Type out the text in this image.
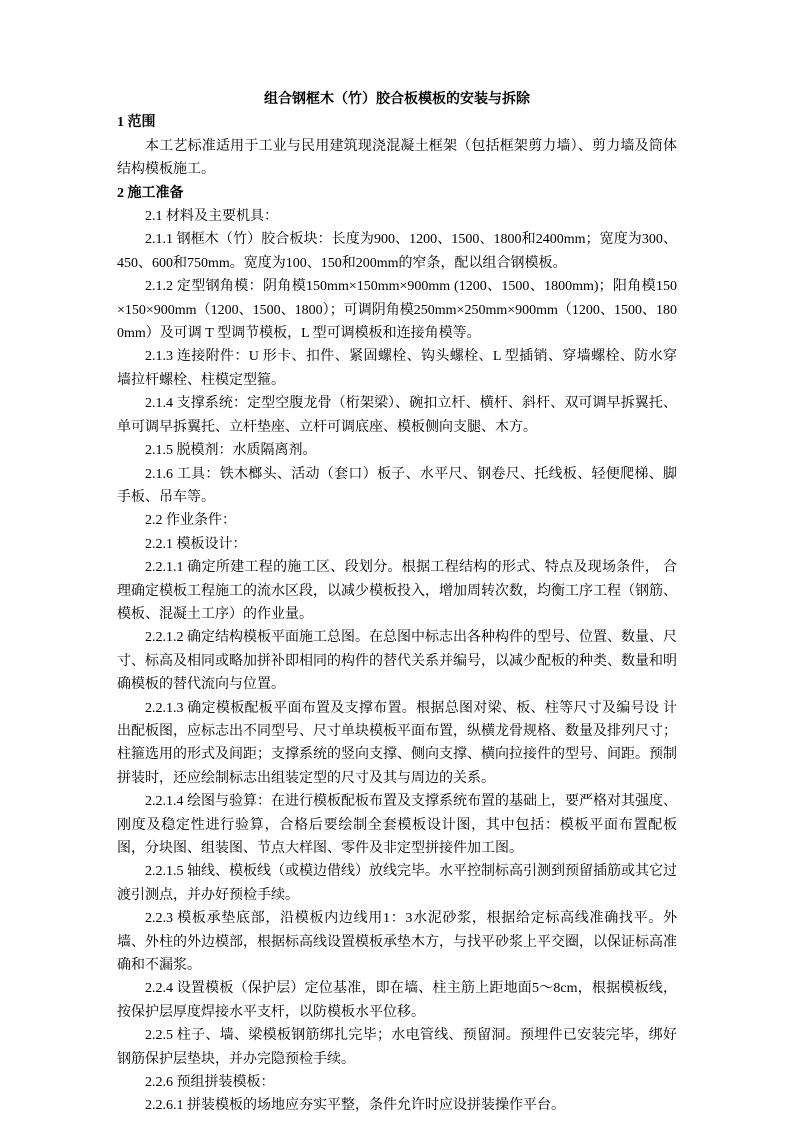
组合钢框木（竹）胶合板模板的安装与拆除
1 范围
本工艺标准适用于工业与民用建筑现浇混凝土框架（包括框架剪力墙）、剪力墙及筒体结构模板施工。
2 施工准备
2.1 材料及主要机具：
2.1.1 钢框木（竹）胶合板块：长度为900、1200、1500、1800和2400mm；宽度为300、450、600和750mm。宽度为100、150和200mm的窄条，配以组合钢模板。
2.1.2 定型钢角模：阴角模150mm×150mm×900mm (1200、1500、1800mm)；阳角模150×150×900mm（1200、1500、1800）；可调阴角模250mm×250mm×900mm（1200、1500、1800mm）及可调 T 型调节模板，L 型可调模板和连接角模等。
2.1.3 连接附件：U 形卡、扣件、紧固螺栓、钩头螺栓、L 型插销、穿墙螺栓、防水穿墙拉杆螺栓、柱模定型箍。
2.1.4 支撑系统：定型空腹龙骨（桁架梁）、碗扣立杆、横杆、斜杆、双可调早拆翼托、单可调早拆翼托、立杆垫座、立杆可调底座、模板侧向支腿、木方。
2.1.5 脱模剂：水质隔离剂。
2.1.6 工具：铁木榔头、活动（套口）板子、水平尺、钢卷尺、托线板、轻便爬梯、脚手板、吊车等。
2.2 作业条件：
2.2.1 模板设计：
2.2.1.1 确定所建工程的施工区、段划分。根据工程结构的形式、特点及现场条件， 合理确定模板工程施工的流水区段，以减少模板投入，增加周转次数，均衡工序工程（钢筋、模板、混凝土工序）的作业量。
2.2.1.2 确定结构模板平面施工总图。在总图中标志出各种构件的型号、位置、数量、尺寸、标高及相同或略加拼补即相同的构件的替代关系并编号，以减少配板的种类、数量和明确模板的替代流向与位置。
2.2.1.3 确定模板配板平面布置及支撑布置。根据总图对梁、板、柱等尺寸及编号设 计出配板图，应标志出不同型号、尺寸单块模板平面布置，纵横龙骨规格、数量及排列尺寸；柱箍选用的形式及间距；支撑系统的竖向支撑、侧向支撑、横向拉接件的型号、间距。预制拼装时，还应绘制标志出组装定型的尺寸及其与周边的关系。
2.2.1.4 绘图与验算：在进行模板配板布置及支撑系统布置的基础上，要严格对其强度、刚度及稳定性进行验算，合格后要绘制全套模板设计图，其中包括：模板平面布置配板 图，分块图、组装图、节点大样图、零件及非定型拼接件加工图。
2.2.1.5 轴线、模板线（或模边借线）放线完毕。水平控制标高引测到预留插筋或其它过渡引测点，并办好预检手续。
2.2.3 模板承垫底部，沿模板内边线用1：3水泥砂浆，根据给定标高线准确找平。外墙、外柱的外边模部，根据标高线设置模板承垫木方，与找平砂浆上平交圈，以保证标高准 确和不漏浆。
2.2.4 设置模板（保护层）定位基准，即在墙、柱主筋上距地面5～8cm，根据模板线，按保护层厚度焊接水平支杆，以防模板水平位移。
2.2.5 柱子、墙、梁模板钢筋绑扎完毕；水电管线、预留洞。预埋件已安装完毕，绑好钢筋保护层垫块，并办完隐预检手续。
2.2.6 预组拼装模板：
2.2.6.1 拼装模板的场地应夯实平整，条件允许时应设拼装操作平台。
